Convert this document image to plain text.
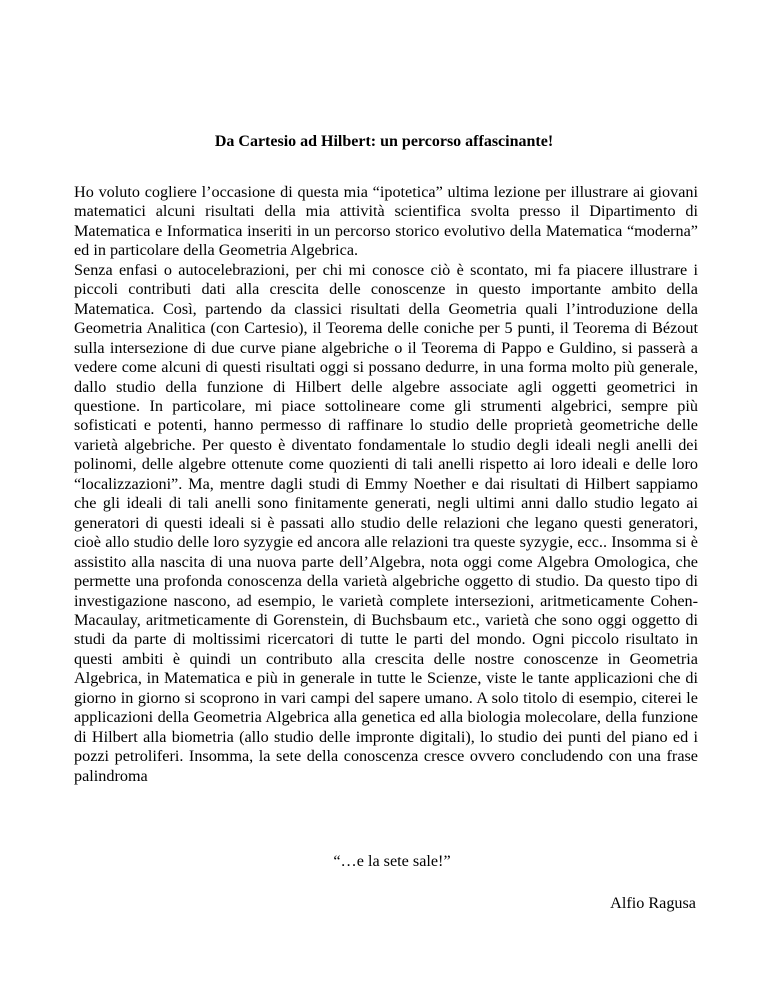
Da Cartesio ad Hilbert: un percorso affascinante!

Ho voluto cogliere l’occasione di questa mia “ipotetica” ultima lezione per illustrare ai giovani matematici alcuni risultati della mia attività scientifica svolta presso il Dipartimento di Matematica e Informatica inseriti in un percorso storico evolutivo della Matematica “moderna” ed in particolare della Geometria Algebrica.

Senza enfasi o autocelebrazioni, per chi mi conosce ciò è scontato, mi fa piacere illustrare i piccoli contributi dati alla crescita delle conoscenze in questo importante ambito della Matematica. Così, partendo da classici risultati della Geometria quali l’introduzione della Geometria Analitica (con Cartesio), il Teorema delle coniche per 5 punti, il Teorema di Bézout sulla intersezione di due curve piane algebriche o il Teorema di Pappo e Guldino, si passerà a vedere come alcuni di questi risultati oggi si possano dedurre, in una forma molto più generale, dallo studio della funzione di Hilbert delle algebre associate agli oggetti geometrici in questione. In particolare, mi piace sottolineare come gli strumenti algebrici, sempre più sofisticati e potenti, hanno permesso di raffinare lo studio delle proprietà geometriche delle varietà algebriche. Per questo è diventato fondamentale lo studio degli ideali negli anelli dei polinomi, delle algebre ottenute come quozienti di tali anelli rispetto ai loro ideali e delle loro “localizzazioni”. Ma, mentre dagli studi di Emmy Noether e dai risultati di Hilbert sappiamo che gli ideali di tali anelli sono finitamente generati, negli ultimi anni dallo studio legato ai generatori di questi ideali si è passati allo studio delle relazioni che legano questi generatori, cioè allo studio delle loro syzygie ed ancora alle relazioni tra queste syzygie, ecc.. Insomma si è assistito alla nascita di una nuova parte dell’Algebra, nota oggi come Algebra Omologica, che permette una profonda conoscenza della varietà algebriche oggetto di studio. Da questo tipo di investigazione nascono, ad esempio, le varietà complete intersezioni, aritmeticamente Cohen-Macaulay, aritmeticamente di Gorenstein, di Buchsbaum etc., varietà che sono oggi oggetto di studi da parte di moltissimi ricercatori di tutte le parti del mondo. Ogni piccolo risultato in questi ambiti è quindi un contributo alla crescita delle nostre conoscenze in Geometria Algebrica, in Matematica e più in generale in tutte le Scienze, viste le tante applicazioni che di giorno in giorno si scoprono in vari campi del sapere umano. A solo titolo di esempio, citerei le applicazioni della Geometria Algebrica alla genetica ed alla biologia molecolare, della funzione di Hilbert alla biometria (allo studio delle impronte digitali), lo studio dei punti del piano ed i pozzi petroliferi. Insomma, la sete della conoscenza cresce ovvero concludendo con una frase palindroma

“…e la sete sale!”
Alfio Ragusa
